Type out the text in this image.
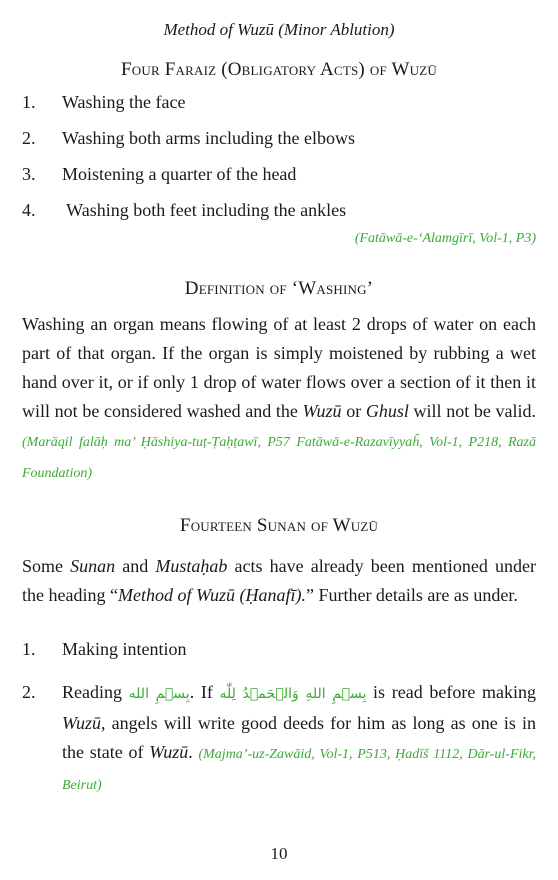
Method of Wuzū (Minor Ablution)
Four Faraiz (Obligatory Acts) of Wuzū
1.	Washing the face
2.	Washing both arms including the elbows
3.	Moistening a quarter of the head
4.	Washing both feet including the ankles
(Fatāwā-e-‘Alamgīrī, Vol-1, P3)
Definition of ‘Washing’

Washing an organ means flowing of at least 2 drops of water on each part of that organ. If the organ is simply moistened by rubbing a wet hand over it, or if only 1 drop of water flows over a section of it then it will not be considered washed and the Wuzū or Ghusl will not be valid. (Marāqil falāḥ ma’ Ḥāshiya-tuṭ-Ṭaḥṭawī, P57 Fatāwā-e-Razavīyyaĥ, Vol-1, P218, Razā Foundation)

Fourteen Sunan of Wuzū

Some Sunan and Mustaḥab acts have already been mentioned under the heading “Method of Wuzū (Ḥanafī).” Further details are as under.

1.	Making intention
2.	Reading بِسۡمِ الله. If بِسۡمِ اللهِ وَالۡحَمۡدُ لِلّٰه is read before making Wuzū, angels will write good deeds for him as long as one is in the state of Wuzū. (Majma’-uz-Zawāid, Vol-1, P513, Ḥadīš 1112, Dār-ul-Fikr, Beirut)
10
